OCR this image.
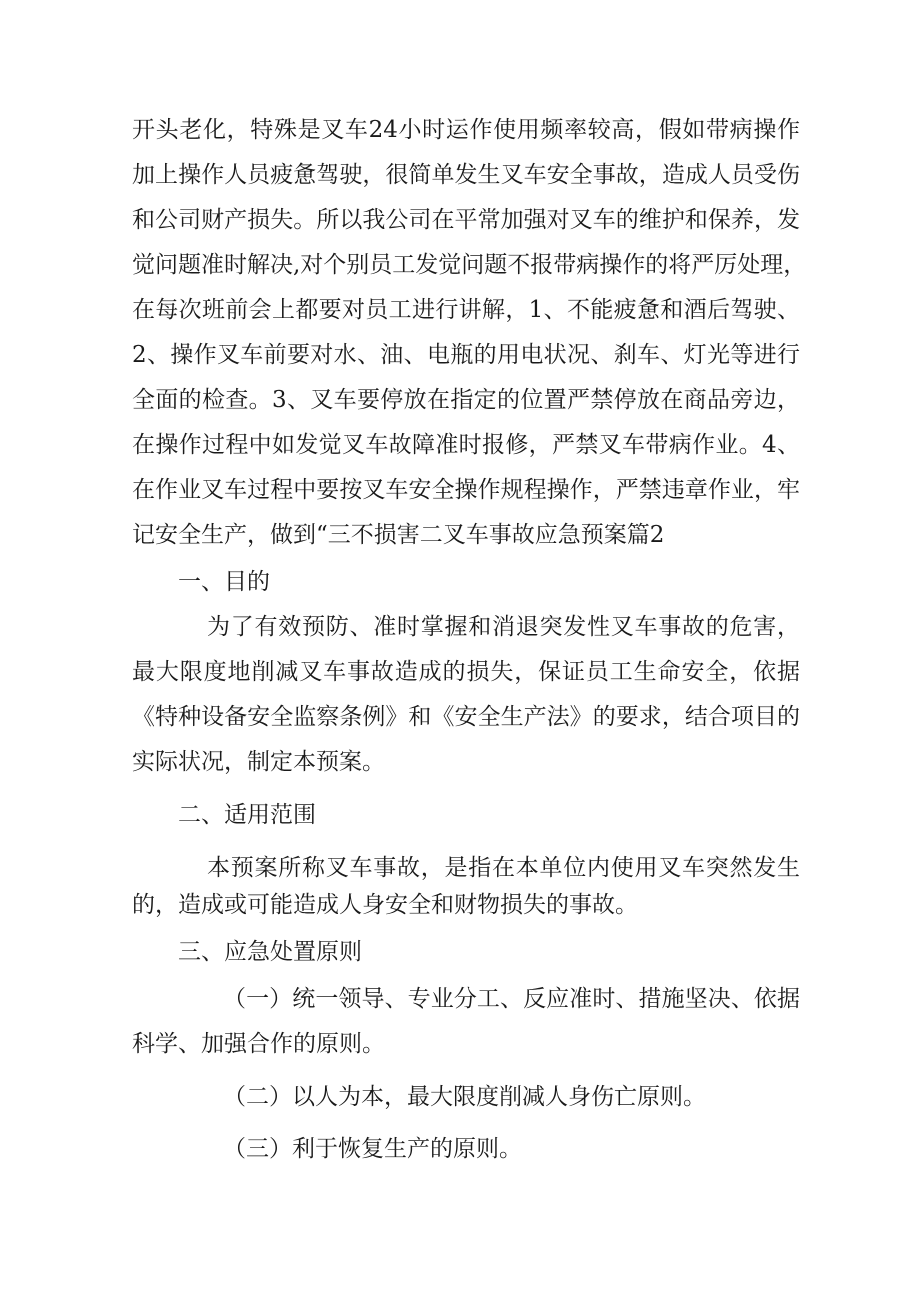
开头老化，特殊是叉车24小时运作使用频率较高，假如带病操作
加上操作人员疲惫驾驶，很简单发生叉车安全事故，造成人员受伤
和公司财产损失。所以我公司在平常加强对叉车的维护和保养，发
觉问题准时解决,对个别员工发觉问题不报带病操作的将严厉处理，
在每次班前会上都要对员工进行讲解，1、不能疲惫和酒后驾驶、
2、操作叉车前要对水、油、电瓶的用电状况、刹车、灯光等进行
全面的检查。3、叉车要停放在指定的位置严禁停放在商品旁边，
在操作过程中如发觉叉车故障准时报修，严禁叉车带病作业。4、
在作业叉车过程中要按叉车安全操作规程操作，严禁违章作业，牢
记安全生产，做到“三不损害二叉车事故应急预案篇2
一、目的
为了有效预防、准时掌握和消退突发性叉车事故的危害，
最大限度地削减叉车事故造成的损失，保证员工生命安全，依据
《特种设备安全监察条例》和《安全生产法》的要求，结合项目的
实际状况，制定本预案。
二、适用范围
本预案所称叉车事故，是指在本单位内使用叉车突然发生
的，造成或可能造成人身安全和财物损失的事故。
三、应急处置原则
（一）统一领导、专业分工、反应准时、措施坚决、依据
科学、加强合作的原则。
（二）以人为本，最大限度削减人身伤亡原则。
（三）利于恢复生产的原则。
